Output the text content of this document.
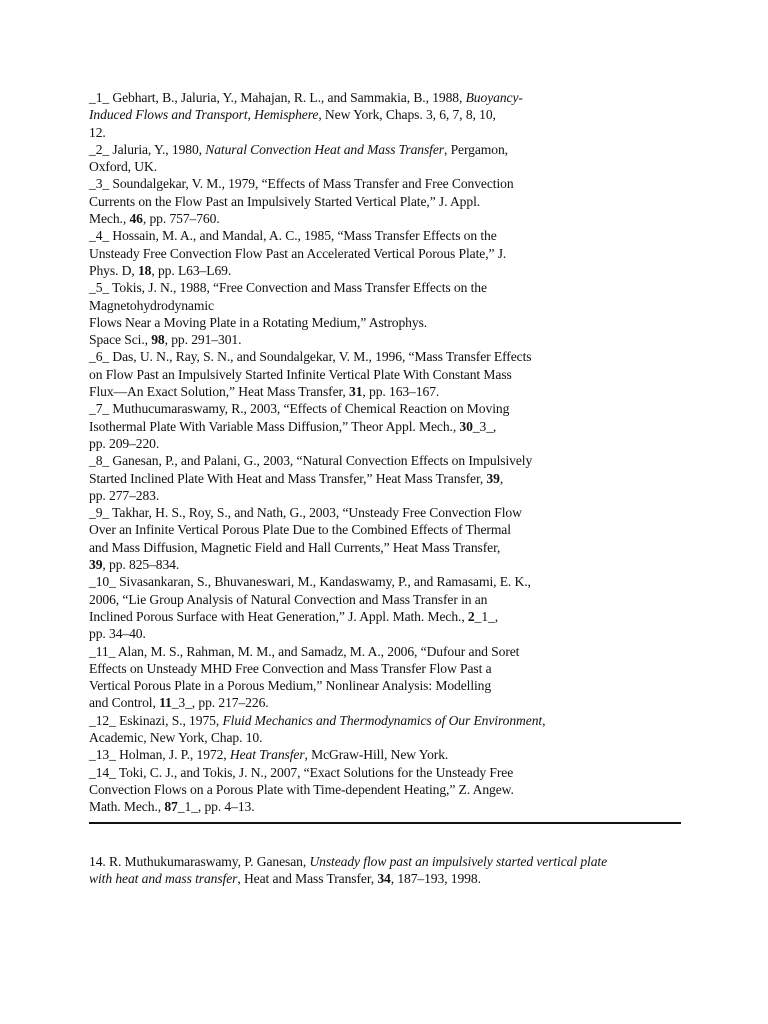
_1_ Gebhart, B., Jaluria, Y., Mahajan, R. L., and Sammakia, B., 1988, Buoyancy-
Induced Flows and Transport, Hemisphere, New York, Chaps. 3, 6, 7, 8, 10,
12.
_2_ Jaluria, Y., 1980, Natural Convection Heat and Mass Transfer, Pergamon,
Oxford, UK.
_3_ Soundalgekar, V. M., 1979, “Effects of Mass Transfer and Free Convection
Currents on the Flow Past an Impulsively Started Vertical Plate,” J. Appl.
Mech., 46, pp. 757–760.
_4_ Hossain, M. A., and Mandal, A. C., 1985, “Mass Transfer Effects on the
Unsteady Free Convection Flow Past an Accelerated Vertical Porous Plate,” J.
Phys. D, 18, pp. L63–L69.
_5_ Tokis, J. N., 1988, “Free Convection and Mass Transfer Effects on the
Magnetohydrodynamic
Flows Near a Moving Plate in a Rotating Medium,” Astrophys.
Space Sci., 98, pp. 291–301.
_6_ Das, U. N., Ray, S. N., and Soundalgekar, V. M., 1996, “Mass Transfer Effects
on Flow Past an Impulsively Started Infinite Vertical Plate With Constant Mass
Flux—An Exact Solution,” Heat Mass Transfer, 31, pp. 163–167.
_7_ Muthucumaraswamy, R., 2003, “Effects of Chemical Reaction on Moving
Isothermal Plate With Variable Mass Diffusion,” Theor Appl. Mech., 30_3_,
pp. 209–220.
_8_ Ganesan, P., and Palani, G., 2003, “Natural Convection Effects on Impulsively
Started Inclined Plate With Heat and Mass Transfer,” Heat Mass Transfer, 39,
pp. 277–283.
_9_ Takhar, H. S., Roy, S., and Nath, G., 2003, “Unsteady Free Convection Flow
Over an Infinite Vertical Porous Plate Due to the Combined Effects of Thermal
and Mass Diffusion, Magnetic Field and Hall Currents,” Heat Mass Transfer,
39, pp. 825–834.
_10_ Sivasankaran, S., Bhuvaneswari, M., Kandaswamy, P., and Ramasami, E. K.,
2006, “Lie Group Analysis of Natural Convection and Mass Transfer in an
Inclined Porous Surface with Heat Generation,” J. Appl. Math. Mech., 2_1_,
pp. 34–40.
_11_ Alan, M. S., Rahman, M. M., and Samadz, M. A., 2006, “Dufour and Soret
Effects on Unsteady MHD Free Convection and Mass Transfer Flow Past a
Vertical Porous Plate in a Porous Medium,” Nonlinear Analysis: Modelling
and Control, 11_3_, pp. 217–226.
_12_ Eskinazi, S., 1975, Fluid Mechanics and Thermodynamics of Our Environment,
Academic, New York, Chap. 10.
_13_ Holman, J. P., 1972, Heat Transfer, McGraw-Hill, New York.
_14_ Toki, C. J., and Tokis, J. N., 2007, “Exact Solutions for the Unsteady Free
Convection Flows on a Porous Plate with Time-dependent Heating,” Z. Angew.
Math. Mech., 87_1_, pp. 4–13.
14. R. Muthukumaraswamy, P. Ganesan, Unsteady flow past an impulsively started vertical plate
with heat and mass transfer, Heat and Mass Transfer, 34, 187–193, 1998.
